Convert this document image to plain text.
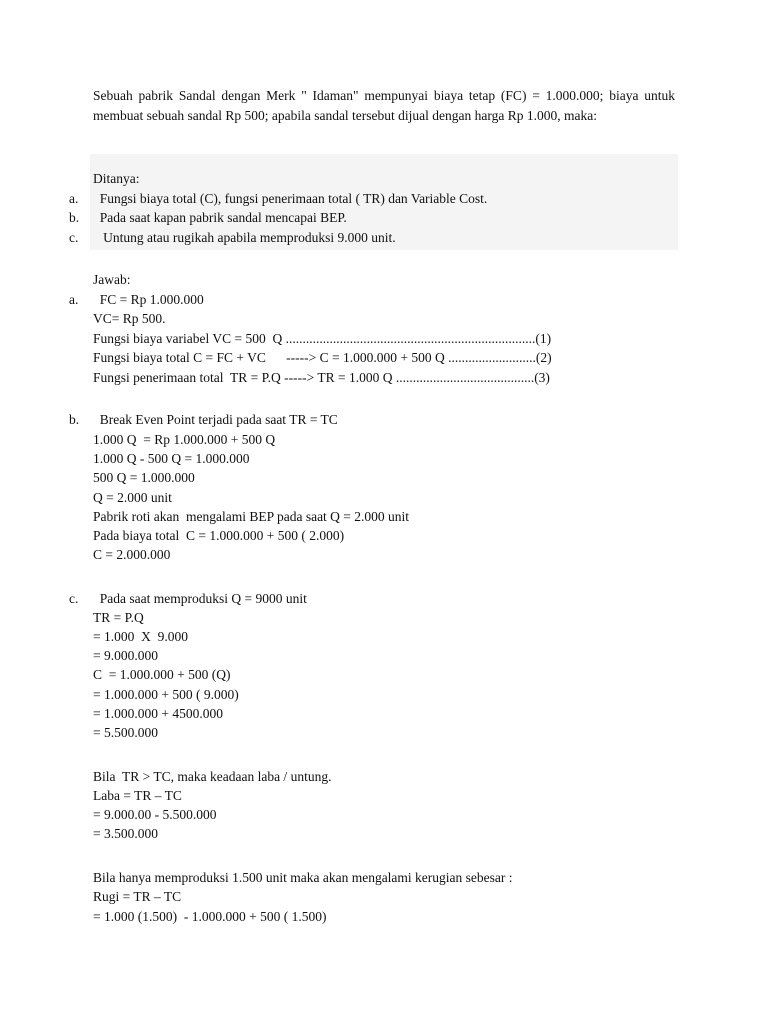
Sebuah pabrik Sandal dengan Merk " Idaman" mempunyai biaya tetap (FC) = 1.000.000; biaya untuk membuat sebuah sandal Rp 500; apabila sandal tersebut dijual dengan harga Rp 1.000, maka:
Ditanya:
a. Fungsi biaya total (C), fungsi penerimaan total ( TR) dan Variable Cost.
b. Pada saat kapan pabrik sandal mencapai BEP.
c. Untung atau rugikah apabila memproduksi 9.000 unit.
Jawab:
a. FC = Rp 1.000.000
VC= Rp 500.
Fungsi biaya variabel VC = 500  Q ..........................................................................(1)
Fungsi biaya total C = FC + VC      -----> C = 1.000.000 + 500 Q ..........................(2)
Fungsi penerimaan total  TR = P.Q -----> TR = 1.000 Q .........................................(3)
b. Break Even Point terjadi pada saat TR = TC
1.000 Q  = Rp 1.000.000 + 500 Q
1.000 Q - 500 Q = 1.000.000
500 Q = 1.000.000
Q = 2.000 unit
Pabrik roti akan  mengalami BEP pada saat Q = 2.000 unit
Pada biaya total  C = 1.000.000 + 500 ( 2.000)
C = 2.000.000
c. Pada saat memproduksi Q = 9000 unit
TR = P.Q
= 1.000  X  9.000
= 9.000.000
C  = 1.000.000 + 500 (Q)
= 1.000.000 + 500 ( 9.000)
= 1.000.000 + 4500.000
= 5.500.000
Bila  TR > TC, maka keadaan laba / untung.
Laba = TR – TC
= 9.000.00 - 5.500.000
= 3.500.000
Bila hanya memproduksi 1.500 unit maka akan mengalami kerugian sebesar :
Rugi = TR – TC
= 1.000 (1.500)  - 1.000.000 + 500 ( 1.500)
